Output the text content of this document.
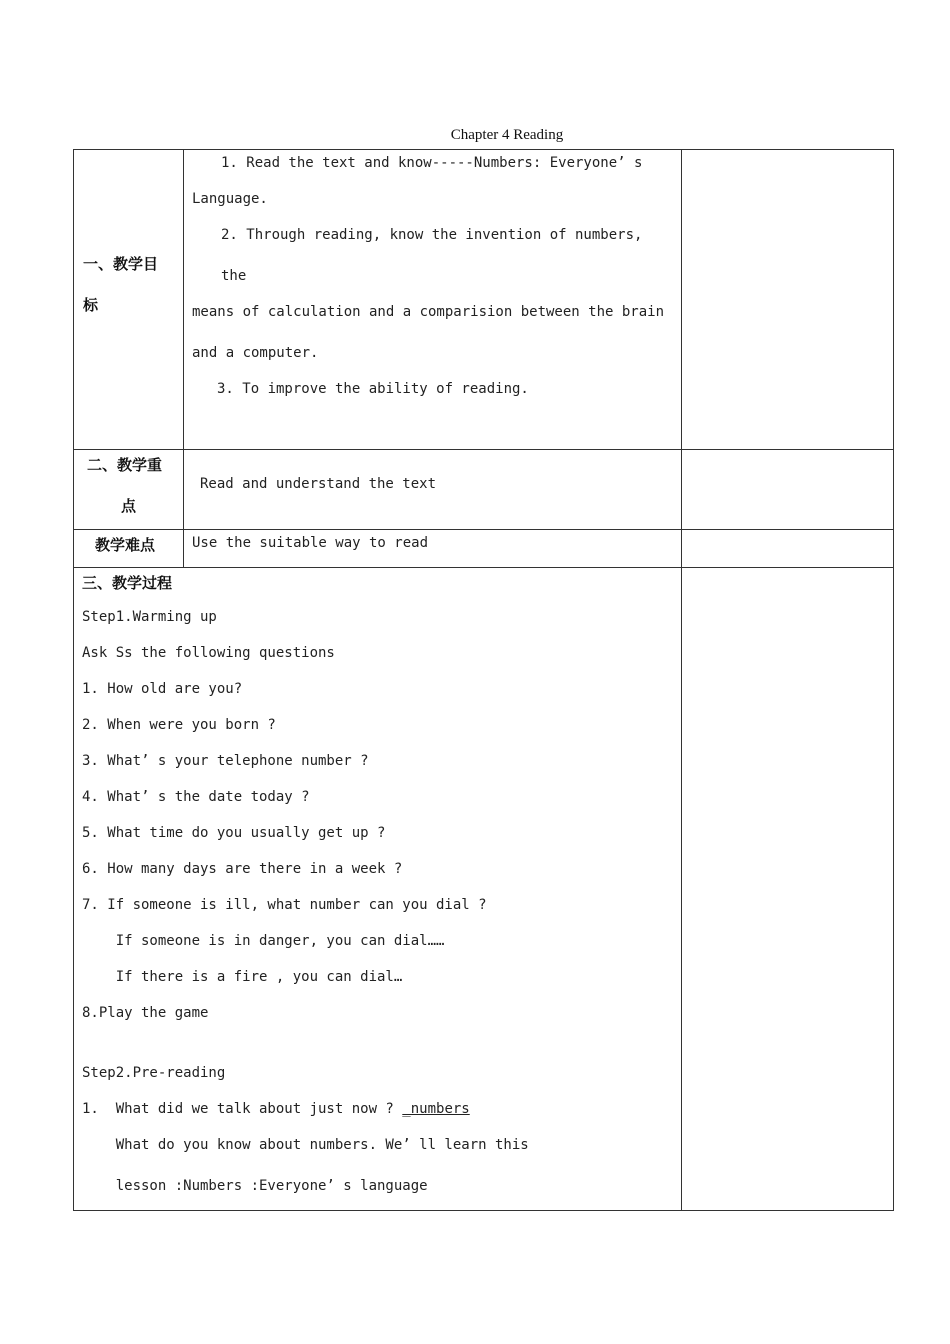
Chapter 4 Reading
一、教学目
标
1. Read the text and know-----Numbers: Everyone’ s
Language.
2. Through reading, know the invention of numbers,
the
means of calculation and a comparision between the brain
and a computer.
3. To improve the ability of reading.
二、教学重
点
Read and understand the text
教学难点	Use the suitable way to read
三、教学过程
Step1.Warming up
Ask Ss the following questions
1. How old are you?
2. When were you born ?
3. What’ s your telephone number ?
4. What’ s the date today ?
5. What time do you usually get up ?
6. How many days are there in a week ?
7. If someone is ill, what number can you dial ?
If someone is in danger, you can dial……
If there is a fire , you can dial…
8.Play the game
Step2.Pre-reading
1.  What did we talk about just now ? _numbers
What do you know about numbers. We’ ll learn this
lesson :Numbers :Everyone’ s language
